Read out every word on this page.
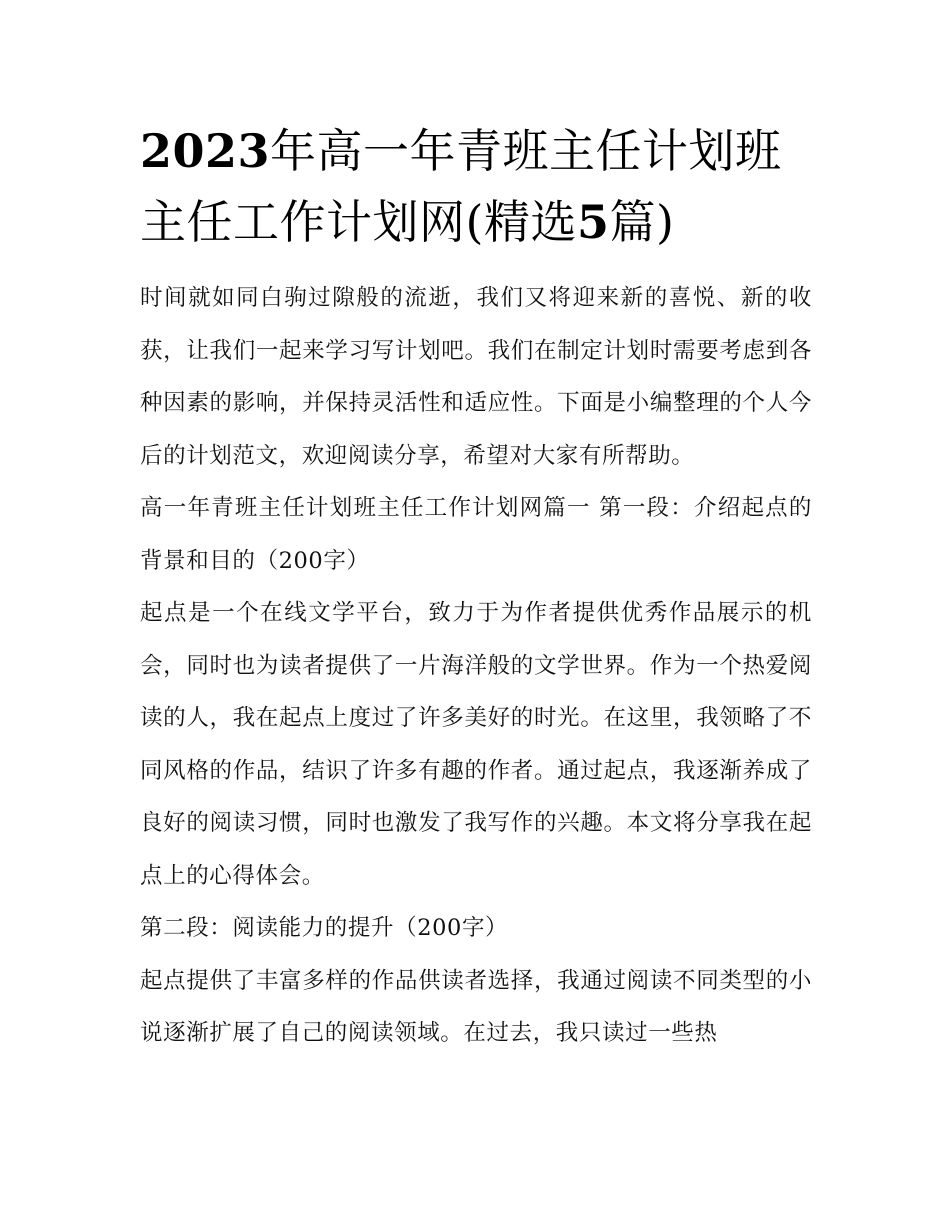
2023年高一年青班主任计划班主任工作计划网(精选5篇)

时间就如同白驹过隙般的流逝，我们又将迎来新的喜悦、新的收获，让我们一起来学习写计划吧。我们在制定计划时需要考虑到各种因素的影响，并保持灵活性和适应性。下面是小编整理的个人今后的计划范文，欢迎阅读分享，希望对大家有所帮助。

高一年青班主任计划班主任工作计划网篇一 第一段：介绍起点的背景和目的（200字）

起点是一个在线文学平台，致力于为作者提供优秀作品展示的机会，同时也为读者提供了一片海洋般的文学世界。作为一个热爱阅读的人，我在起点上度过了许多美好的时光。在这里，我领略了不同风格的作品，结识了许多有趣的作者。通过起点，我逐渐养成了良好的阅读习惯，同时也激发了我写作的兴趣。本文将分享我在起点上的心得体会。

第二段：阅读能力的提升（200字）

起点提供了丰富多样的作品供读者选择，我通过阅读不同类型的小说逐渐扩展了自己的阅读领域。在过去，我只读过一些热
